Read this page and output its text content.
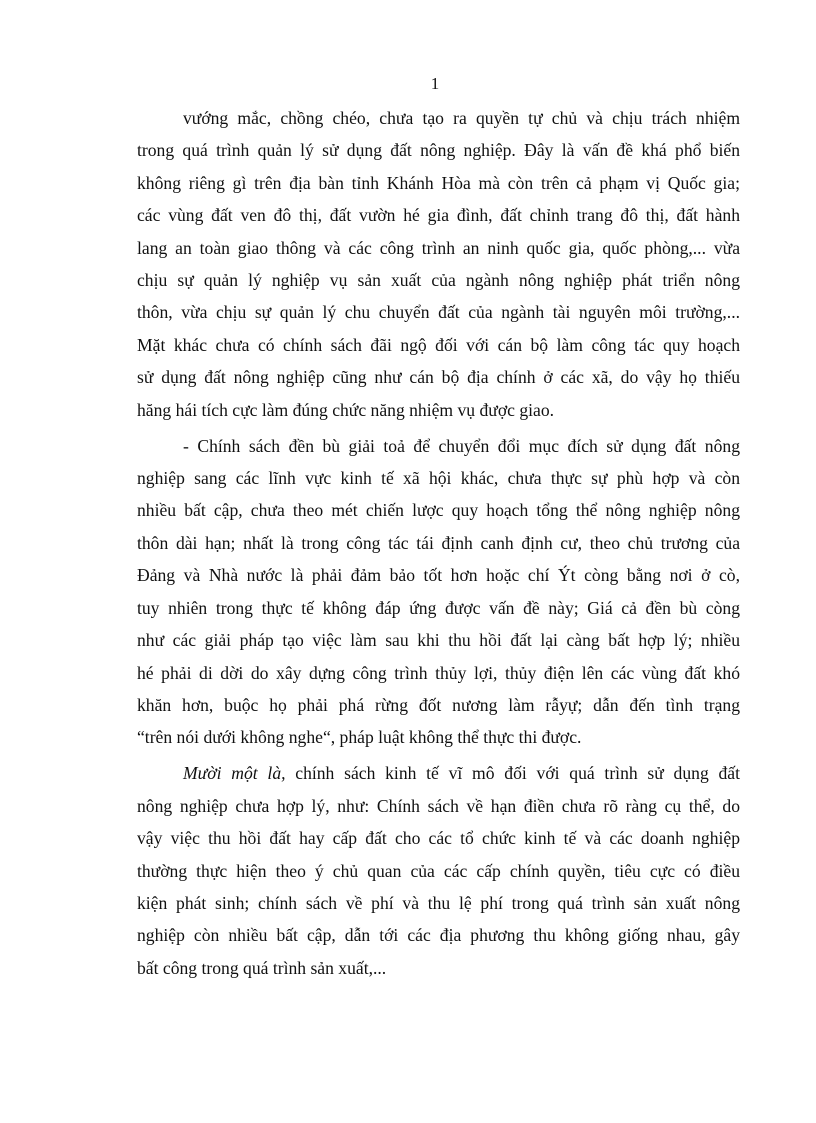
1
vướng mắc, chồng chéo, chưa tạo ra quyền tự chủ và chịu trách nhiệm
trong quá trình quản lý sử dụng đất nông nghiệp. Đây là vấn đề khá phổ biến
không riêng gì trên địa bàn tỉnh Khánh Hòa mà còn trên cả phạm vị Quốc gia;
các vùng đất ven đô thị, đất vườn hé gia đình, đất chỉnh trang đô thị, đất hành
lang an toàn giao thông và các công trình an ninh quốc gia, quốc phòng,... vừa
chịu sự quản lý nghiệp vụ sản xuất của ngành nông nghiệp phát triển nông
thôn, vừa chịu sự quản lý chu chuyển đất của ngành tài nguyên môi trường,...
Mặt khác chưa có chính sách đãi ngộ đối với cán bộ làm công tác quy hoạch
sử dụng đất nông nghiệp cũng như cán bộ địa chính ở các xã, do vậy họ thiếu
hăng hái tích cực làm đúng chức năng nhiệm vụ được giao.
- Chính sách đền bù giải toả để chuyển đổi mục đích sử dụng đất nông
nghiệp sang các lĩnh vực kinh tế xã hội khác, chưa thực sự phù hợp và còn
nhiều bất cập, chưa theo mét chiến lược quy hoạch tổng thể nông nghiệp nông
thôn dài hạn; nhất là trong công tác tái định canh định cư, theo chủ trương của
Đảng và Nhà nước là phải đảm bảo tốt hơn hoặc chí Ýt còng bằng nơi ở cò,
tuy nhiên trong thực tế không đáp ứng được vấn đề này; Giá cả đền bù còng
như các giải pháp tạo việc làm sau khi thu hồi đất lại càng bất hợp lý; nhiều
hé phải di dời do xây dựng công trình thủy lợi, thủy điện lên các vùng đất khó
khăn hơn, buộc họ phải phá rừng đốt nương làm rẫyự; dẫn đến tình trạng
“trên nói dưới không nghe“, pháp luật không thể thực thi được.
Mười một là, chính sách kinh tế vĩ mô đối với quá trình sử dụng đất
nông nghiệp chưa hợp lý, như: Chính sách về hạn điền chưa rõ ràng cụ thể, do
vậy việc thu hồi đất hay cấp đất cho các tổ chức kinh tế và các doanh nghiệp
thường thực hiện theo ý chủ quan của các cấp chính quyền, tiêu cực có điều
kiện phát sinh; chính sách về phí và thu lệ phí trong quá trình sản xuất nông
nghiệp còn nhiều bất cập, dẫn tới các địa phương thu không giống nhau, gây
bất công trong quá trình sản xuất,...
